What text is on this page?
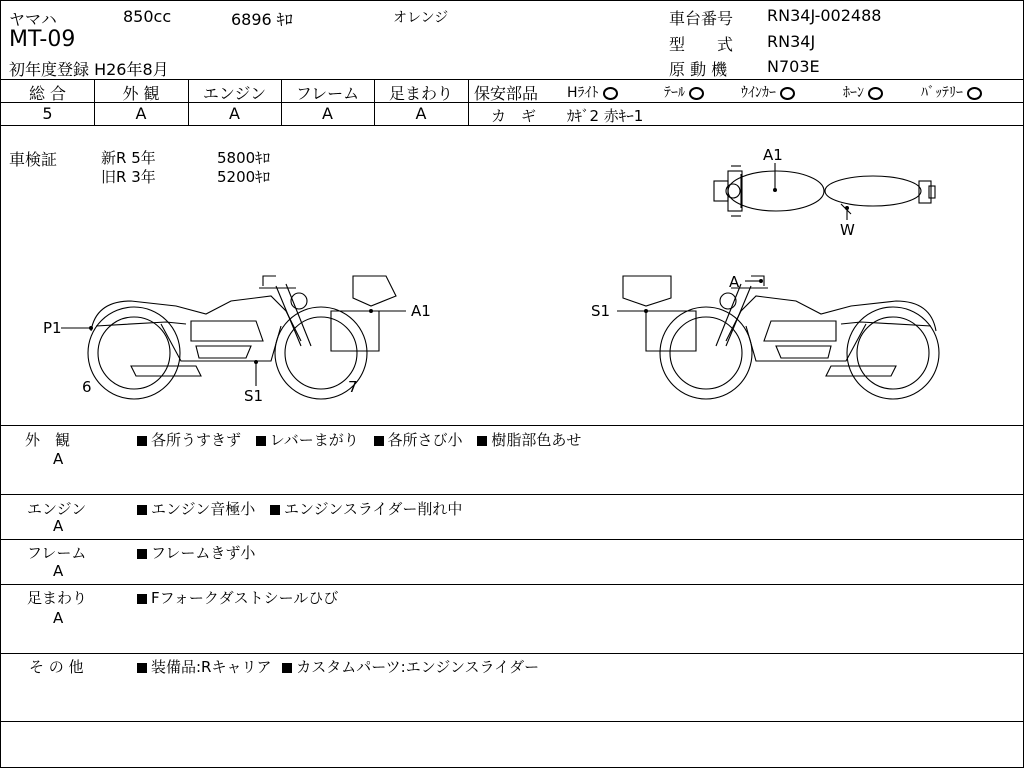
ヤマハ	850cc	6896 ｷﾛ	オレンジ
MT-09
初年度登録 H26年8月
車台番号 RN34J-002488
型　　式 RN34J
原 動 機 N703E
総 合	外 観	エンジン	フレーム	足まわり
5	A	A	A	A
保安部品 Hﾗｲﾄ	ﾃｰﾙ	ｳｲﾝｶｰ	ﾎｰﾝ	ﾊﾞｯﾃﾘｰ
カ　ギ ｶｷﾞ2 赤ｷｰ1
車検証	新R 5年	5800ｷﾛ
旧R 3年	5200ｷﾛ
A1
W
P1
A1
6	7
S1
A
S1
外　観
A
各所うすきず レバーまがり 各所さび小 樹脂部色あせ
エンジン
A
エンジン音極小 エンジンスライダー削れ中
フレーム
A
フレームきず小
足まわり
A
Fフォークダストシールひび
そ の 他	装備品:Rキャリア カスタムパーツ:エンジンスライダー
